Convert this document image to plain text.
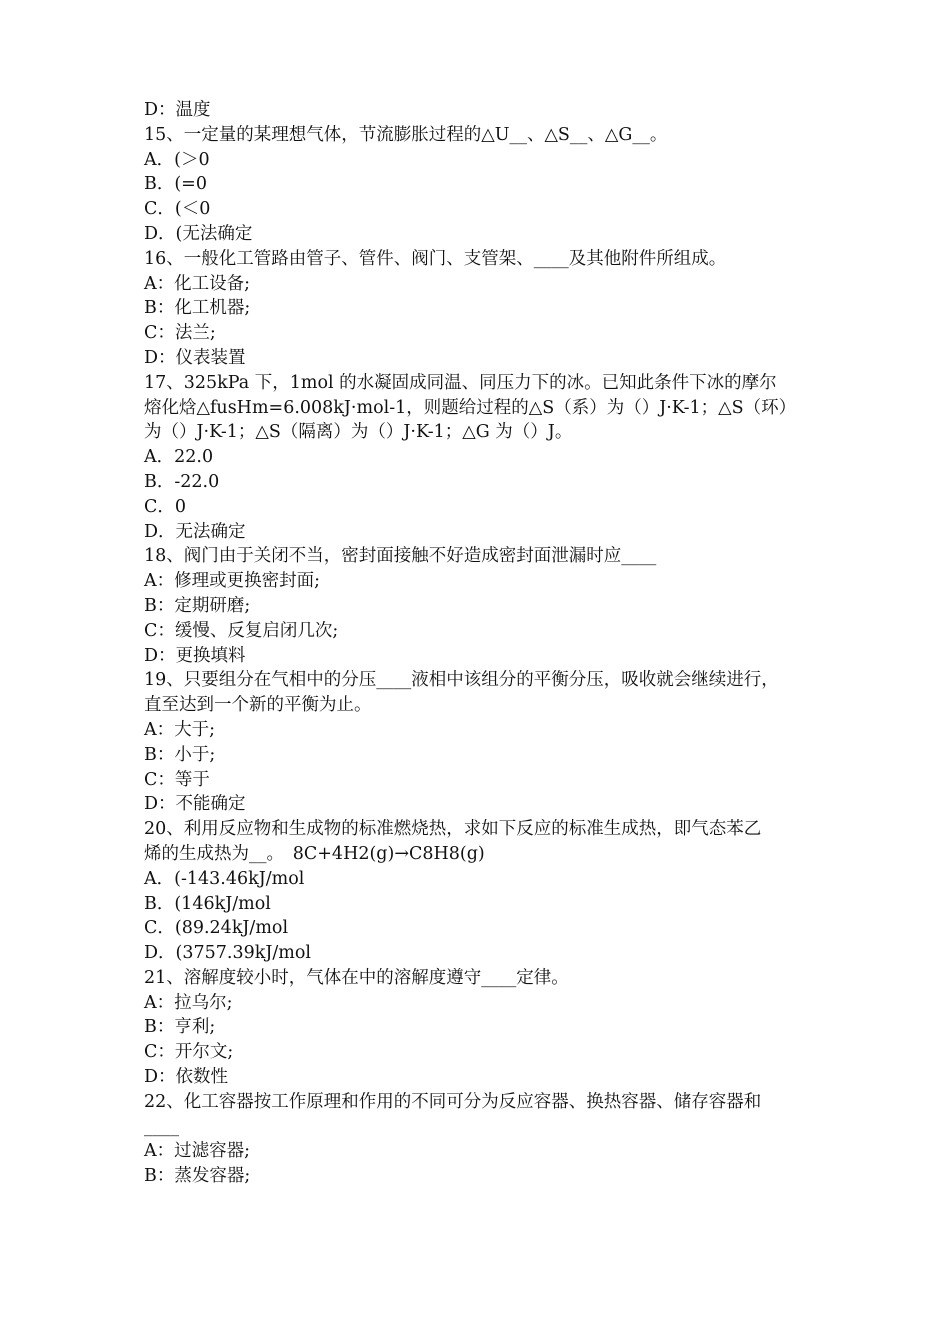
D：温度
15、一定量的某理想气体，节流膨胀过程的△U__、△S__、△G__。
A．(＞0
B．(=0
C．(＜0
D．(无法确定
16、一般化工管路由管子、管件、阀门、支管架、____及其他附件所组成。
A：化工设备;
B：化工机器;
C：法兰;
D：仪表装置
17、325kPa 下，1mol 的水凝固成同温、同压力下的冰。已知此条件下冰的摩尔
熔化焓△fusHm=6.008kJ·mol-1，则题给过程的△S（系）为（）J·K-1；△S（环）
为（）J·K-1；△S（隔离）为（）J·K-1；△G 为（）J。
A．22.0
B．-22.0
C．0
D．无法确定
18、阀门由于关闭不当，密封面接触不好造成密封面泄漏时应____
A：修理或更换密封面;
B：定期研磨;
C：缓慢、反复启闭几次;
D：更换填料
19、只要组分在气相中的分压____液相中该组分的平衡分压，吸收就会继续进行，
直至达到一个新的平衡为止。
A：大于;
B：小于;
C：等于
D：不能确定
20、利用反应物和生成物的标准燃烧热，求如下反应的标准生成热，即气态苯乙
烯的生成热为__。　8C+4H2(g)→C8H8(g)
A．(-143.46kJ/mol
B．(146kJ/mol
C．(89.24kJ/mol
D．(3757.39kJ/mol
21、溶解度较小时，气体在中的溶解度遵守____定律。
A：拉乌尔;
B：亨利;
C：开尔文;
D：依数性
22、化工容器按工作原理和作用的不同可分为反应容器、换热容器、储存容器和
____
A：过滤容器;
B：蒸发容器;
